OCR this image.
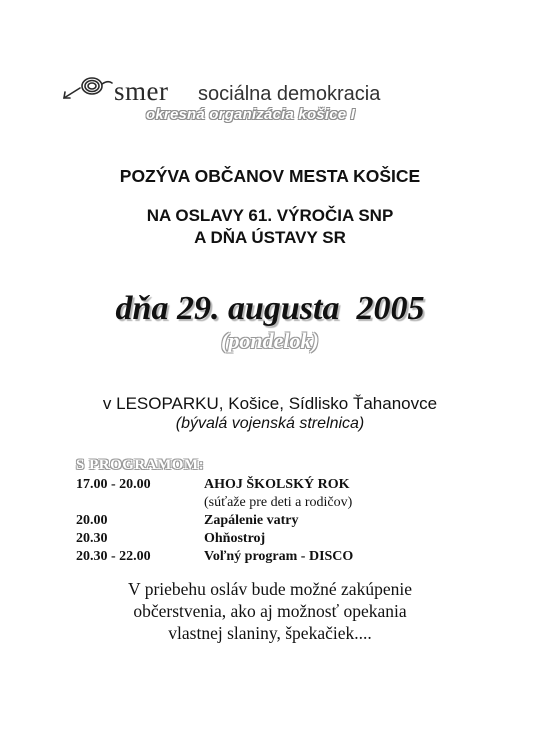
smer sociálna demokracia
okresná organizácia košice I
POZÝVA OBČANOV MESTA KOŠICE
NA OSLAVY 61. VÝROČIA SNP
A DŇA ÚSTAVY SR
dňa 29. augusta  2005
(pondelok)
v LESOPARKU, Košice, Sídlisko Ťahanovce
(bývalá vojenská strelnica)
S PROGRAMOM:
17.00 - 20.00	AHOJ ŠKOLSKÝ ROK
(súťaže pre deti a rodičov)
20.00	Zapálenie vatry
20.30	Ohňostroj
20.30 - 22.00	Voľný program - DISCO
V priebehu osláv bude možné zakúpenie
občerstvenia, ako aj možnosť opekania
vlastnej slaniny, špekačiek....
